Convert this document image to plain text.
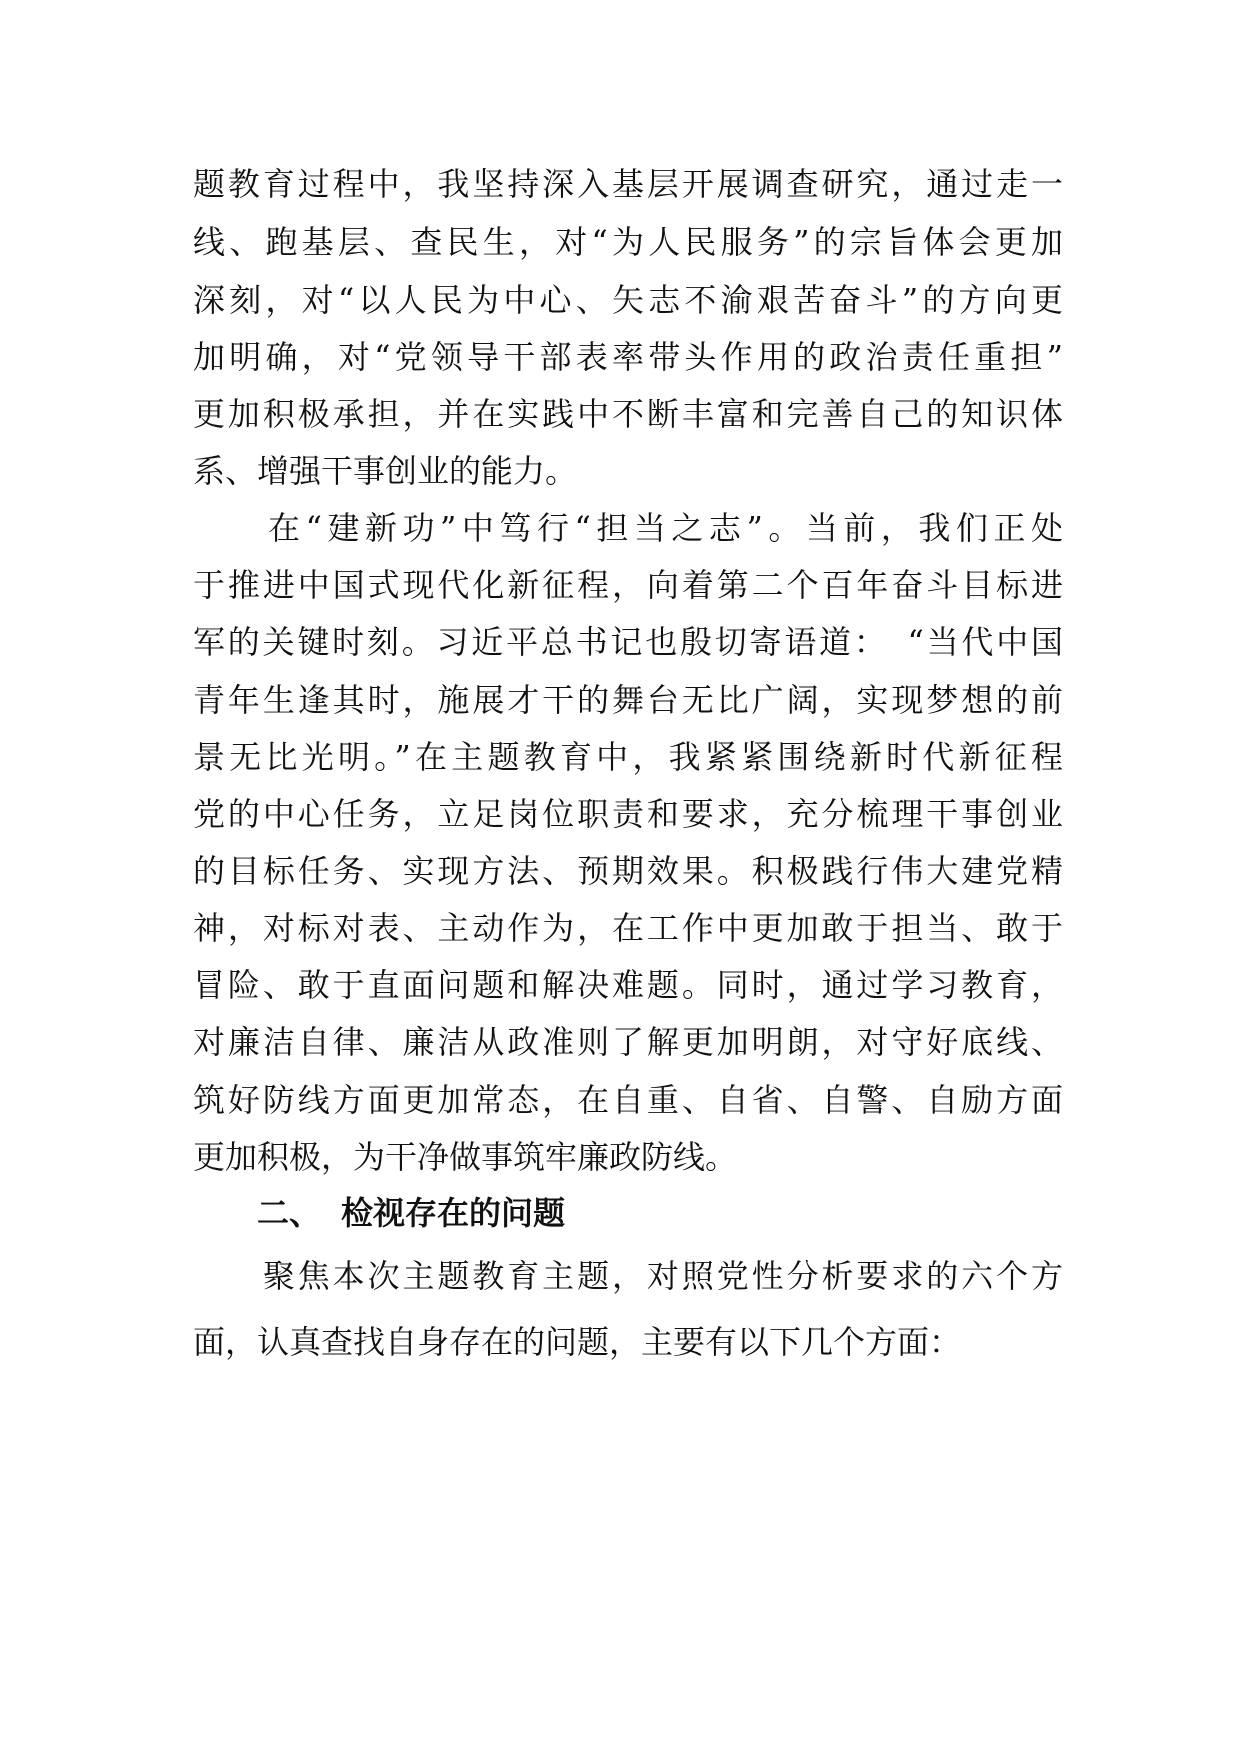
题教育过程中，我坚持深入基层开展调查研究，通过走一
线、跑基层、查民生，对“为人民服务”的宗旨体会更加
深刻，对“以人民为中心、矢志不渝艰苦奋斗”的方向更
加明确，对“党领导干部表率带头作用的政治责任重担”
更加积极承担，并在实践中不断丰富和完善自己的知识体
系、增强干事创业的能力。
　　在“建新功”中笃行“担当之志”。当前，我们正处
于推进中国式现代化新征程，向着第二个百年奋斗目标进
军的关键时刻。习近平总书记也殷切寄语道：　“当代中国
青年生逢其时，施展才干的舞台无比广阔，实现梦想的前
景无比光明。”在主题教育中，我紧紧围绕新时代新征程
党的中心任务，立足岗位职责和要求，充分梳理干事创业
的目标任务、实现方法、预期效果。积极践行伟大建党精
神，对标对表、主动作为，在工作中更加敢于担当、敢于
冒险、敢于直面问题和解决难题。同时，通过学习教育，
对廉洁自律、廉洁从政准则了解更加明朗，对守好底线、
筑好防线方面更加常态，在自重、自省、自警、自励方面
更加积极，为干净做事筑牢廉政防线。
二、 检视存在的问题
　　聚焦本次主题教育主题，对照党性分析要求的六个方
面，认真查找自身存在的问题，主要有以下几个方面：
